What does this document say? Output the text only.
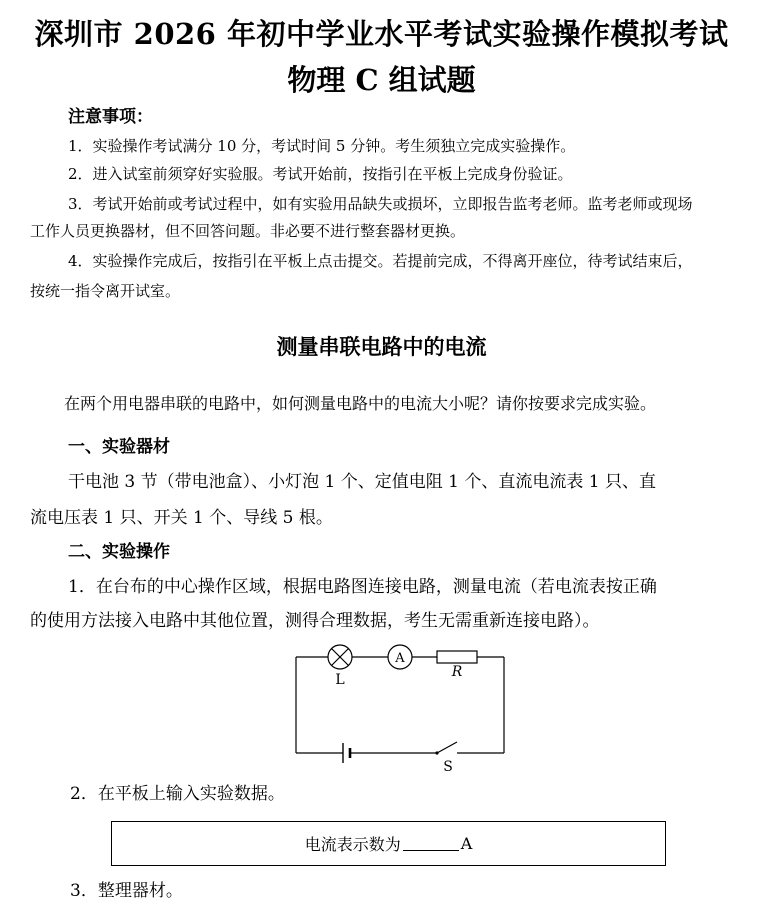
深圳市 2026 年初中学业水平考试实验操作模拟考试
物理 C 组试题
注意事项：
1．实验操作考试满分 10 分，考试时间 5 分钟。考生须独立完成实验操作。
2．进入试室前须穿好实验服。考试开始前，按指引在平板上完成身份验证。
3．考试开始前或考试过程中，如有实验用品缺失或损坏，立即报告监考老师。监考老师或现场
工作人员更换器材，但不回答问题。非必要不进行整套器材更换。
4．实验操作完成后，按指引在平板上点击提交。若提前完成，不得离开座位，待考试结束后，
按统一指令离开试室。
测量串联电路中的电流
在两个用电器串联的电路中，如何测量电路中的电流大小呢？请你按要求完成实验。
一、实验器材
干电池 3 节（带电池盒）、小灯泡 1 个、定值电阻 1 个、直流电流表 1 只、直
流电压表 1 只、开关 1 个、导线 5 根。
二、实验操作
1．在台布的中心操作区域，根据电路图连接电路，测量电流（若电流表按正确
的使用方法接入电路中其他位置，测得合理数据，考生无需重新连接电路）。
A
L	R
S
2．在平板上输入实验数据。
电流表示数为	A
3．整理器材。
